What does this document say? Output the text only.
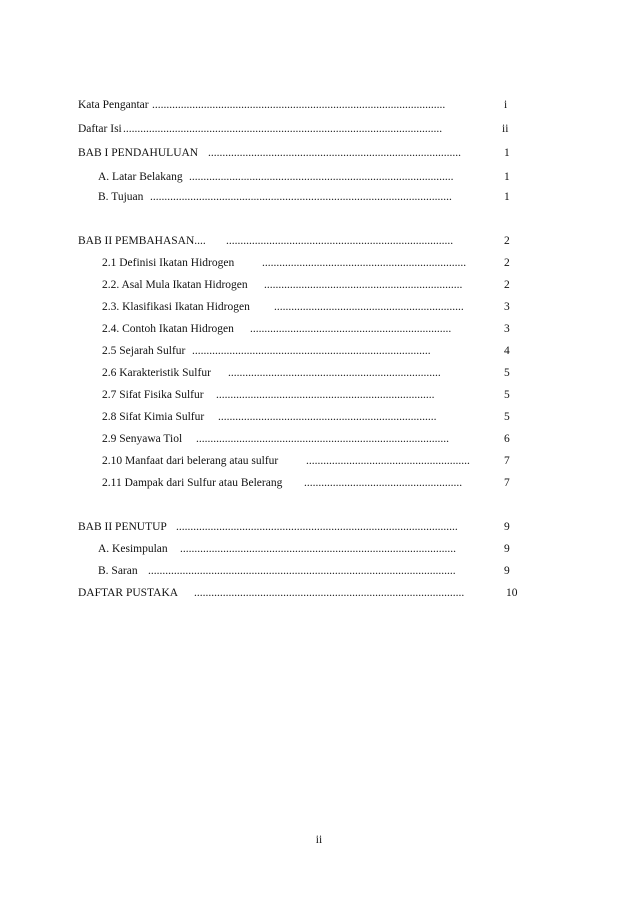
Kata Pengantar ......................................................................................................	i
Daftar Isi ...............................................................................................................	ii
BAB I PENDAHULUAN ........................................................................................	1
A. Latar Belakang ............................................................................................	1
B. Tujuan .........................................................................................................	1
BAB II PEMBAHASAN.... ...............................................................................	2
2.1 Definisi Ikatan Hidrogen .......................................................................	2
2.2. Asal Mula Ikatan Hidrogen .....................................................................	2
2.3. Klasifikasi Ikatan Hidrogen ..................................................................	3
2.4. Contoh Ikatan Hidrogen ......................................................................	3
2.5 Sejarah Sulfur ...................................................................................	4
2.6 Karakteristik Sulfur ..........................................................................	5
2.7 Sifat Fisika Sulfur ............................................................................	5
2.8 Sifat Kimia Sulfur ............................................................................	5
2.9 Senyawa Tiol ........................................................................................	6
2.10 Manfaat dari belerang atau sulfur .........................................................	7
2.11 Dampak dari Sulfur atau Belerang .......................................................	7
BAB II PENUTUP ..................................................................................................	9
A. Kesimpulan ................................................................................................	9
B. Saran ...........................................................................................................	9
DAFTAR PUSTAKA ..............................................................................................	10
ii
